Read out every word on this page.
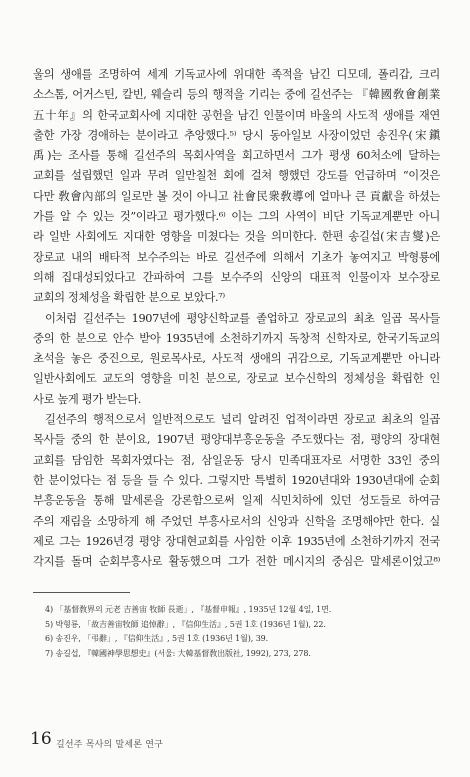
울의 생애를 조명하여 세계 기독교사에 위대한 족적을 남긴 디모데, 폴리갑, 크리
소스톰, 어거스틴, 칼빈, 웨슬리 등의 행적을 기리는 중에 길선주는 『韓國敎會創業
五十年』의 한국교회사에 지대한 공헌을 남긴 인물이며 바울의 사도적 생애를 재연
출한 가장 경애하는 분이라고 추앙했다.⁵⁾ 당시 동아일보 사장이었던 송진우(宋鎭
禹)는 조사를 통해 길선주의 목회사역을 회고하면서 그가 평생 60처소에 달하는
교회를 설립했던 일과 무려 일만칠천 회에 걸쳐 행했던 강도를 언급하며 “이것은
다만 敎會內部의 일로만 볼 것이 아니고 社會民衆敎導에 얼마나 큰 貢獻을 하셨는
가를 알 수 있는 것”이라고 평가했다.⁶⁾ 이는 그의 사역이 비단 기독교계뿐만 아니
라 일반 사회에도 지대한 영향을 미쳤다는 것을 의미한다. 한편 송길섭(宋吉燮)은
장로교 내의 배타적 보수주의는 바로 길선주에 의해서 기초가 놓여지고 박형룡에
의해 집대성되었다고 간파하여 그를 보수주의 신앙의 대표적 인물이자 보수장로
교회의 정체성을 확립한 분으로 보았다.⁷⁾
이처럼 길선주는 1907년에 평양신학교를 졸업하고 장로교의 최초 일곱 목사들
중의 한 분으로 안수 받아 1935년에 소천하기까지 독창적 신학자로, 한국기독교의
초석을 놓은 중진으로, 원로목사로, 사도적 생애의 귀감으로, 기독교계뿐만 아니라
일반사회에도 교도의 영향을 미친 분으로, 장로교 보수신학의 정체성을 확립한 인
사로 높게 평가 받는다.
길선주의 행적으로서 일반적으로도 널리 알려진 업적이라면 장로교 최초의 일곱
목사들 중의 한 분이요, 1907년 평양대부흥운동을 주도했다는 점, 평양의 장대현
교회를 담임한 목회자였다는 점, 삼일운동 당시 민족대표자로 서명한 33인 중의
한 분이었다는 점 등을 들 수 있다. 그렇지만 특별히 1920년대와 1930년대에 순회
부흥운동을 통해 말세론을 강론함으로써 일제 식민치하에 있던 성도들로 하여금
주의 재림을 소망하게 해 주었던 부흥사로서의 신앙과 신학을 조명해야만 한다. 실
제로 그는 1926년경 평양 장대현교회를 사임한 이후 1935년에 소천하기까지 전국
각지를 돌며 순회부흥사로 활동했으며 그가 전한 메시지의 중심은 말세론이었고⁸⁾
4) 「基督敎界의 元老 吉善宙 牧師 長逝」, 『基督申報』, 1935년 12월 4일, 1면.
5) 박형룡, 「故吉善宙牧師 追悼辭」, 『信仰生活』, 5권 1호 (1936년 1월), 22.
6) 송진우, 「弔辭」, 『信仰生活』, 5권 1호 (1936년 1월), 39.
7) 송길섭, 『韓國神學思想史』(서울: 大韓基督敎出版社, 1992), 273, 278.
16 길선주 목사의 말세론 연구
